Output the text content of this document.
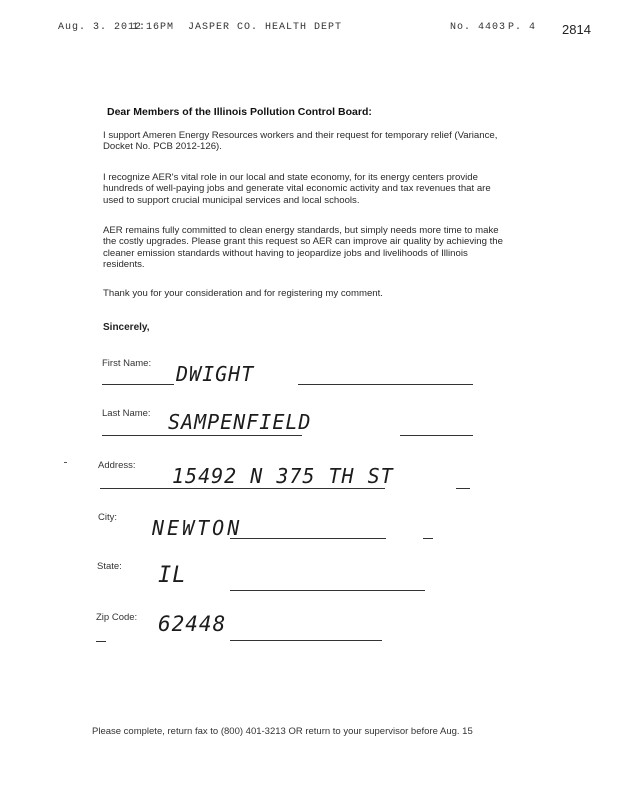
Aug. 3. 2012
1:16PM JASPER CO. HEALTH DEPT	No. 4403 P. 4 2814
Dear Members of the Illinois Pollution Control Board:
I support Ameren Energy Resources workers and their request for temporary relief (Variance, Docket No. PCB 2012-126).
I recognize AER's vital role in our local and state economy, for its energy centers provide hundreds of well-paying jobs and generate vital economic activity and tax revenues that are used to support crucial municipal services and local schools.
AER remains fully committed to clean energy standards, but simply needs more time to make the costly upgrades. Please grant this request so AER can improve air quality by achieving the cleaner emission standards without having to jeopardize jobs and livelihoods of Illinois residents.
Thank you for your consideration and for registering my comment.
Sincerely,
First Name: DWIGHT
Last Name: SAMPENFIELD
Address: 15492 N 375 TH ST
City: NEWTON
State: IL
Zip Code: 62448
Please complete, return fax to (800) 401-3213 OR return to your supervisor before Aug. 15
